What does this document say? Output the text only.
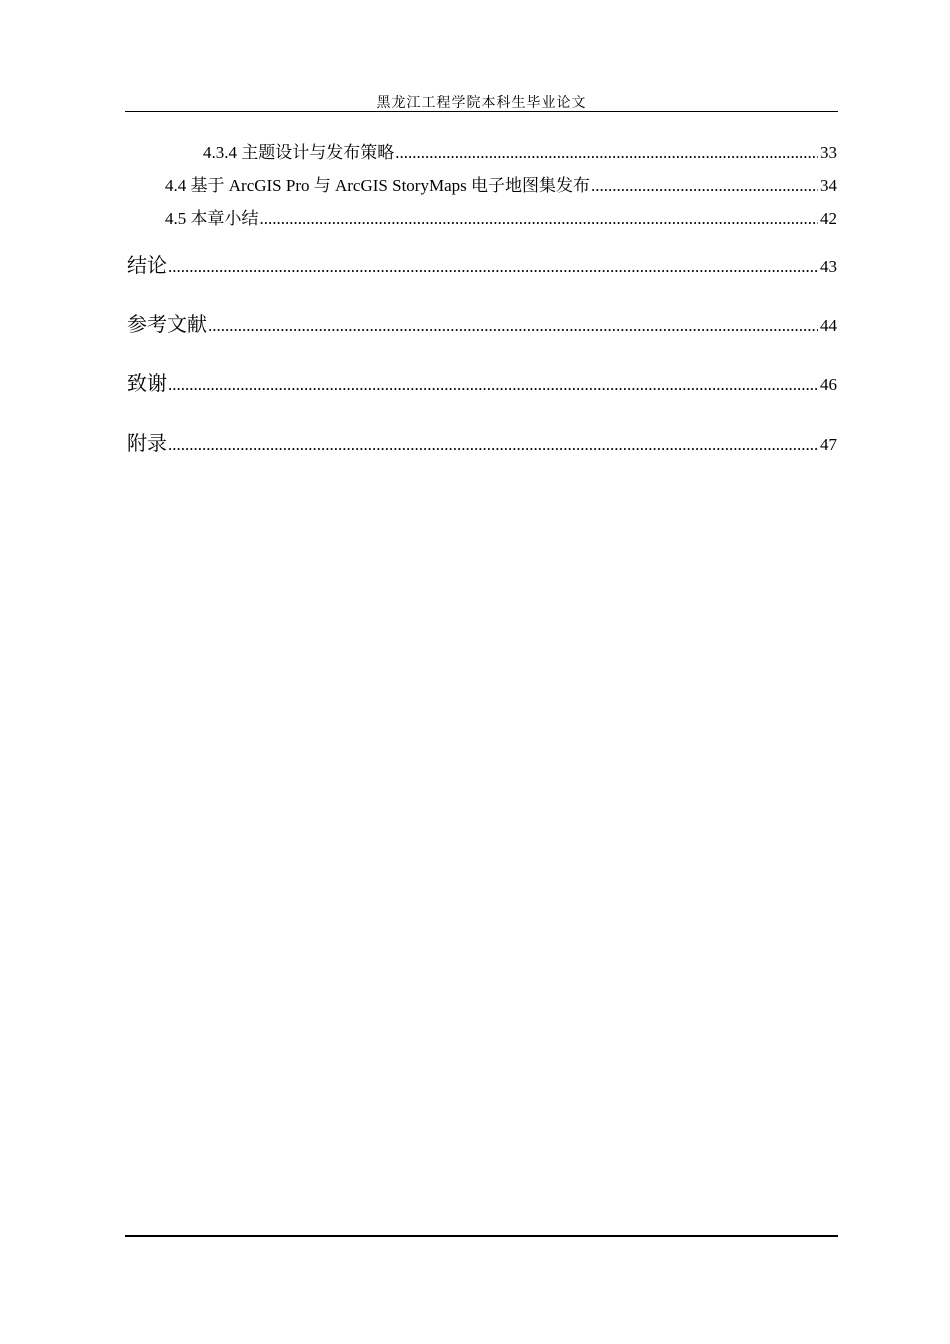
黑龙江工程学院本科生毕业论文
4.3.4 主题设计与发布策略 .....	33
4.4 基于 ArcGIS Pro 与 ArcGIS StoryMaps 电子地图集发布 .....	34
4.5 本章小结 .....	42
结论 .....	43
参考文献 .....	44
致谢 .....	46
附录 .....	47
